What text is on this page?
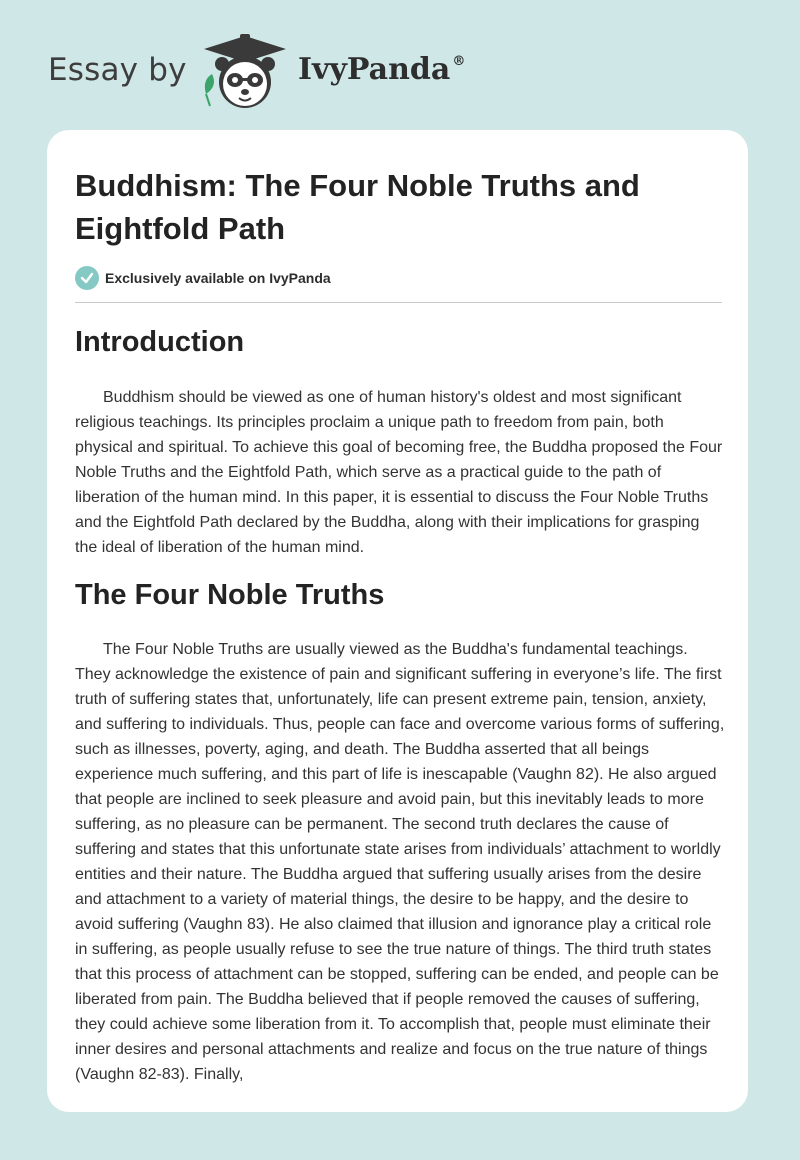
Essay by	IvyPanda ®
Buddhism: The Four Noble Truths and Eightfold Path
Exclusively available on IvyPanda
Introduction

Buddhism should be viewed as one of human history's oldest and most significant religious teachings. Its principles proclaim a unique path to freedom from pain, both physical and spiritual. To achieve this goal of becoming free, the Buddha proposed the Four Noble Truths and the Eightfold Path, which serve as a practical guide to the path of liberation of the human mind. In this paper, it is essential to discuss the Four Noble Truths and the Eightfold Path declared by the Buddha, along with their implications for grasping the ideal of liberation of the human mind.

The Four Noble Truths

The Four Noble Truths are usually viewed as the Buddha's fundamental teachings. They acknowledge the existence of pain and significant suffering in everyone’s life. The first truth of suffering states that, unfortunately, life can present extreme pain, tension, anxiety, and suffering to individuals. Thus, people can face and overcome various forms of suffering, such as illnesses, poverty, aging, and death. The Buddha asserted that all beings experience much suffering, and this part of life is inescapable (Vaughn 82). He also argued that people are inclined to seek pleasure and avoid pain, but this inevitably leads to more suffering, as no pleasure can be permanent. The second truth declares the cause of suffering and states that this unfortunate state arises from individuals’ attachment to worldly entities and their nature. The Buddha argued that suffering usually arises from the desire and attachment to a variety of material things, the desire to be happy, and the desire to avoid suffering (Vaughn 83). He also claimed that illusion and ignorance play a critical role in suffering, as people usually refuse to see the true nature of things. The third truth states that this process of attachment can be stopped, suffering can be ended, and people can be liberated from pain. The Buddha believed that if people removed the causes of suffering, they could achieve some liberation from it. To accomplish that, people must eliminate their inner desires and personal attachments and realize and focus on the true nature of things (Vaughn 82-83). Finally,
